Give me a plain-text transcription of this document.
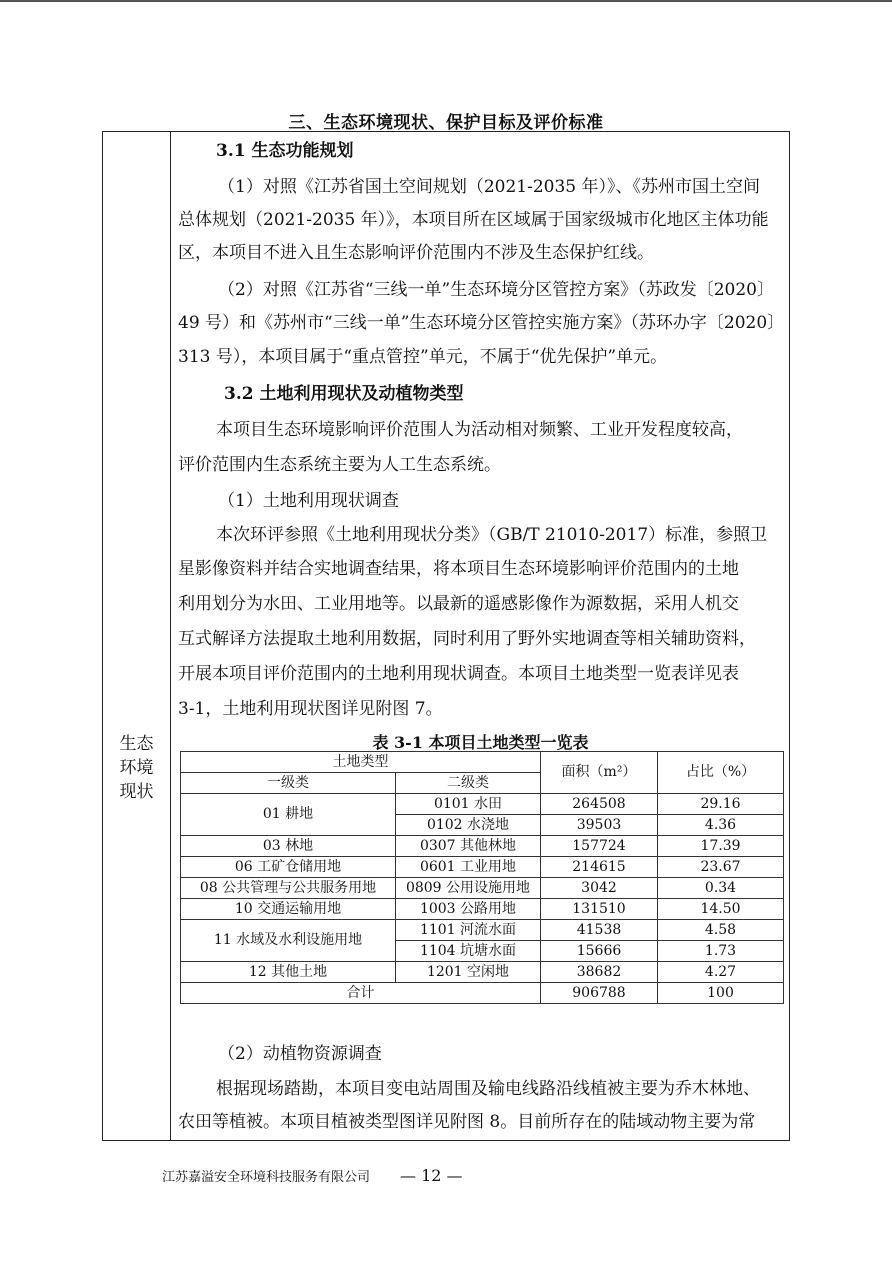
三、生态环境现状、保护目标及评价标准
生态
环境
现状
3.1 生态功能规划
（1）对照《江苏省国土空间规划（2021-2035 年）》、《苏州市国土空间
总体规划（2021-2035 年）》，本项目所在区域属于国家级城市化地区主体功能
区，本项目不进入且生态影响评价范围内不涉及生态保护红线。
（2）对照《江苏省“三线一单”生态环境分区管控方案》（苏政发〔2020〕
49 号）和《苏州市“三线一单”生态环境分区管控实施方案》（苏环办字〔2020〕
313 号），本项目属于“重点管控”单元，不属于“优先保护”单元。
3.2 土地利用现状及动植物类型
本项目生态环境影响评价范围人为活动相对频繁、工业开发程度较高，
评价范围内生态系统主要为人工生态系统。
（1）土地利用现状调查
本次环评参照《土地利用现状分类》（GB/T 21010-2017）标准，参照卫
星影像资料并结合实地调查结果，将本项目生态环境影响评价范围内的土地
利用划分为水田、工业用地等。以最新的遥感影像作为源数据，采用人机交
互式解译方法提取土地利用数据，同时利用了野外实地调查等相关辅助资料，
开展本项目评价范围内的土地利用现状调查。本项目土地类型一览表详见表
3-1，土地利用现状图详见附图 7。
表 3-1 本项目土地类型一览表
（2）动植物资源调查
根据现场踏勘，本项目变电站周围及输电线路沿线植被主要为乔木林地、
农田等植被。本项目植被类型图详见附图 8。目前所存在的陆域动物主要为常
土地类型		面积（m²）	占比（%）
一级类	二级类		
01 耕地	0101 水田	264508	29.16
	0102 水浇地	39503	4.36
03 林地	0307 其他林地	157724	17.39
06 工矿仓储用地	0601 工业用地	214615	23.67
08 公共管理与公共服务用地	0809 公用设施用地	3042	0.34
10 交通运输用地	1003 公路用地	131510	14.50
11 水域及水利设施用地	1101 河流水面	41538	4.58
	1104 坑塘水面	15666	1.73
12 其他土地	1201 空闲地	38682	4.27
合计		906788	100
江苏嘉溢安全环境科技服务有限公司 — 12 —
